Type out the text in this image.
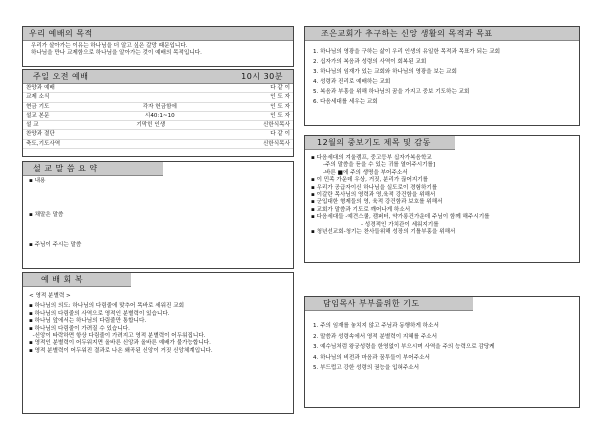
우리 예배의 목적
우리가 살아가는 이유는 하나님을 더 알고 싶은 갈망 때문입니다.
하나님을 만나 교제함으로 하나님을 알아가는 것이 예배의 목적입니다.
주일 오전 예배	10시 30분
찬양과 예배	다 같 이
교제 소식	인 도 자
현금 기도	각자 헌금함에	인 도 자
설교 본문	시40:1~10	인 도 자
설 교	기막힌 인생	신한식목사
찬양과 결단	다 같 이
축도,기도사역	신한식목사
설 교 말 씀 요 약
▪ 내용
▪ 채말은 말씀
▪ 주님이 주시는 말씀
예 배 회 복
< 영적 분별력 >
▪ 하나님의 의도: 하나님의 다림줄에 맞추어 똑바로 세워진 교회
▪ 하나님의 다림줄의 사역으로 영적인 분별력이 있습니다.
▪ 하나님 앞에서는 하나님의 다림줄만 통합니다.
▪ 하나님의 다림줄이 가려질 수 있습니다.
-신앙이 타락하면 항상 다림줄이 가려지고 영적 분별력이 어두워집니다.
▪ 영적인 분별력이 어두워지면 올바른 신앙과 올바른 예배가 불가능합니다.
▪ 영적 분별력이 어두워진 결과로 나온 왜곡된 신앙이 거짓 신앙체계입니다.
조은교회가 추구하는 신앙 생활의 목적과 목표
1. 하나님의 영광을 구하는 삶이 우리 인생의 유일한 목적과 목표가 되는 교회
2. 십자가의 복음과 성령의 사역이 회복된 교회
3. 하나님의 임재가 있는 교회와 하나님의 영광을 보는 교회
4. 성령과 진리로 예배하는 교회
5. 복음과 부흥을 위해 하나님의 꿈을 가지고 중보 기도하는 교회
6. 다음세대를 세우는 교회
12월의 중보기도 제목 및 감동
▪ 다음세대의 겨울캠프, 중고등부 십자가복음학교
-주의 말씀을 듣을 수 있는 귀를 열어주시기를]
-바른 ■에 주의 생명을 부어주소서
▪ 이 민족 가운데 우상, 거짓, 분리가 끊어지기를
▪ 우리가 공급자이신 하나님을 실도로이 경험하기를
▪ 이갈란 목사님의 영력과 영,육적 강건함을 위해서
▪ 군입대한 형제들의 영, 육적 강건함과 보호를 위해서
▪ 교회가 말씀과 기도로 깨어나게 하소서
▪ 다음세대들 -예견스쿨, 캠퍼터, 약가롱건가운데 주님이 함께 해주시기를
- 성경적인 가치관이 세워지기를
▪ 청년선교회-청기는 찬사들위해 성장의 기틀부홍을 위해서
담임목사 부부를위한 기도
1. 주의 임재를 놓치지 않고 주님과 동행하게 하소서
2. 말씀과 성령속에서 영적 분별력이 지혜를 주소서
3. 예수님처럼 왕궁성령을 한영없이 부으시며 사역을 주의 능력으로 감당케
4. 하나님의 비전과 마음과 꿈투들이 부어주소서
5. 부드럽고 강한 성령의 권능을 입혀주소서
